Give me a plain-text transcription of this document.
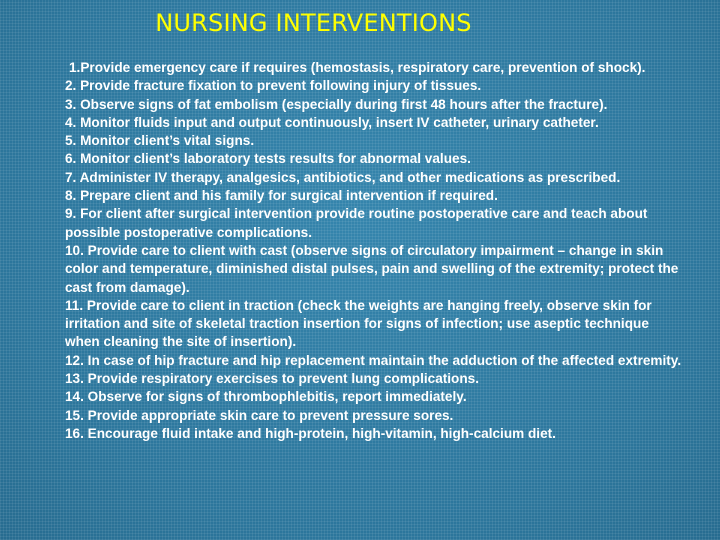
NURSING INTERVENTIONS

1.Provide emergency care if requires (hemostasis, respiratory care, prevention of shock).

2. Provide fracture fixation to prevent following injury of tissues.

3. Observe signs of fat embolism (especially during first 48 hours after the fracture).

4. Monitor fluids input and output continuously, insert IV catheter, urinary catheter.

5. Monitor client’s vital signs.

6. Monitor client’s laboratory tests results for abnormal values.

7. Administer IV therapy, analgesics, antibiotics, and other medications as prescribed.

8. Prepare client and his family for surgical intervention if required.

9. For client after surgical intervention provide routine postoperative care and teach about possible postoperative complications.

10. Provide care to client with cast (observe signs of circulatory impairment – change in skin color and temperature, diminished distal pulses, pain and swelling of the extremity; protect the cast from damage).

11. Provide care to client in traction (check the weights are hanging freely, observe skin for irritation and site of skeletal traction insertion for signs of infection; use aseptic technique when cleaning the site of insertion).

12. In case of hip fracture and hip replacement maintain the adduction of the affected extremity.

13. Provide respiratory exercises to prevent lung complications.

14. Observe for signs of thrombophlebitis, report immediately.

15. Provide appropriate skin care to prevent pressure sores.

16. Encourage fluid intake and high-protein, high-vitamin, high-calcium diet.
